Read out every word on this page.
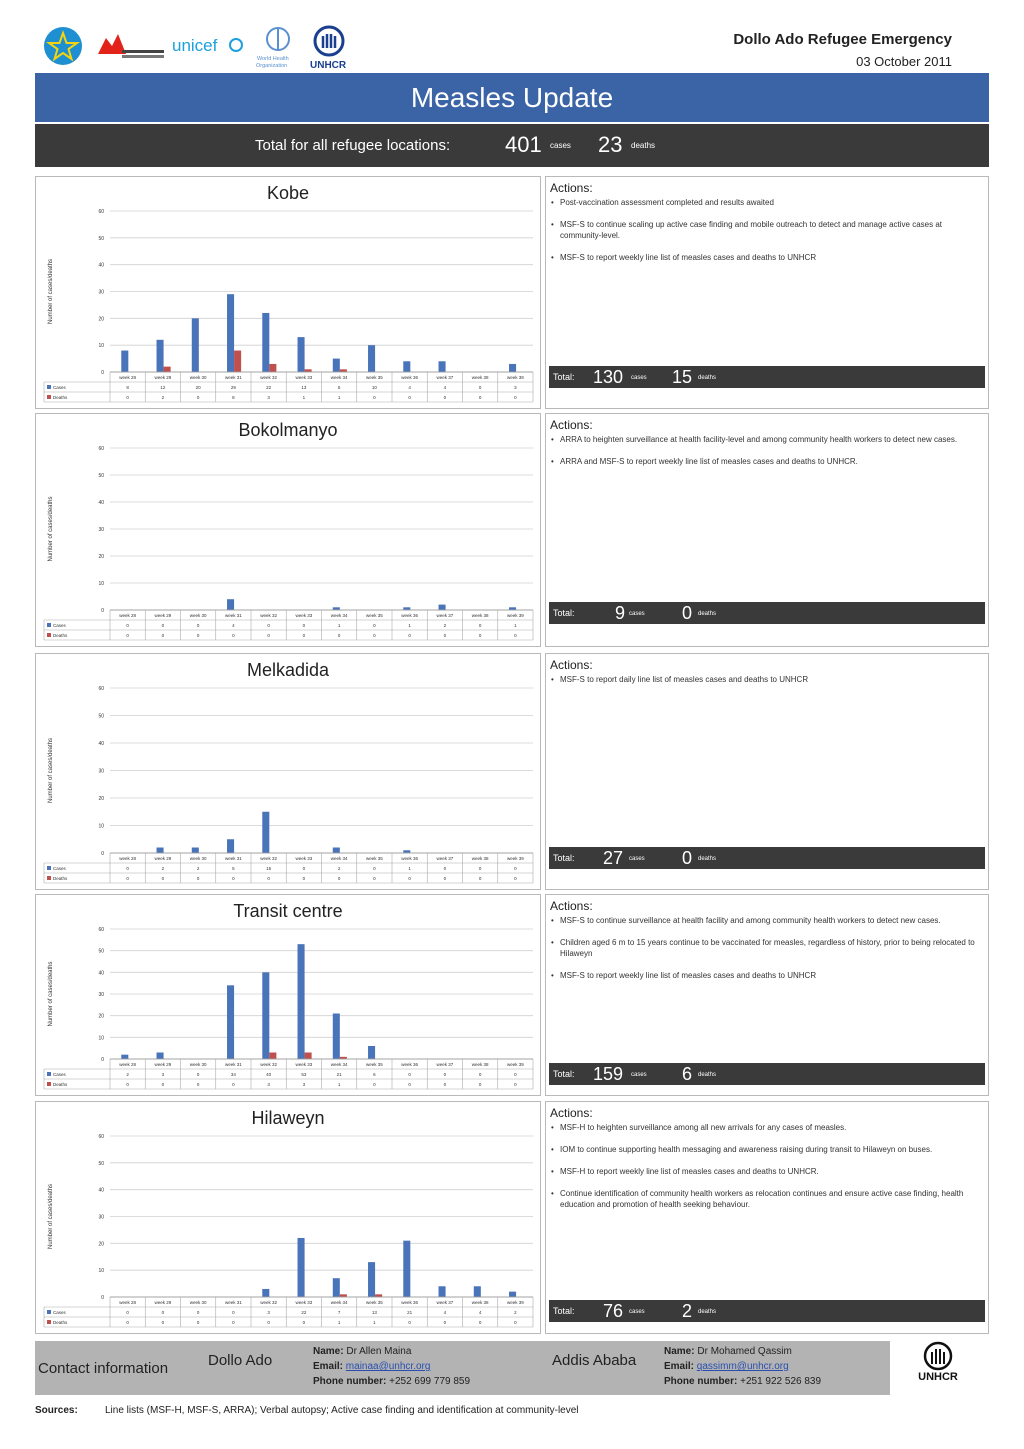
unicef
World Health
Organization UNHCR
Dollo Ado Refugee Emergency
03 October 2011
Measles Update
Total for all refugee locations: 401 cases 23 deaths
0
10
20
30
40
50
60
Number of cases/deaths
week 28	week 29	week 30	week 31	week 32	week 33	week 34	week 35	week 36	week 37	week 38	week 39
Cases	8	12	20	29	22	13	5	10	4	4	0	3
Deaths	0	2	0	8	3	1	1	0	0	0	0	0
Kobe	Actions:
• Post-vaccination assessment completed and results awaited
• MSF-S to continue scaling up active case finding and mobile outreach to detect and manage active cases at community-level.
• MSF-S to report weekly line list of measles cases and deaths to UNHCR
Total: 130 cases 15 deaths
0
10
20
30
40
50
60
Number of cases/deaths
week 28	week 29	week 30	week 31	week 32	week 33	week 34	week 35	week 36	week 37	week 38	week 39
Cases	0	0	0	4	0	0	1	0	1	2	0	1
Deaths	0	0	0	0	0	0	0	0	0	0	0	0
Bokolmanyo	Actions:
• ARRA to heighten surveillance at health facility-level and among community health workers to detect new cases.
• ARRA and MSF-S to report weekly line list of measles cases and deaths to UNHCR.
Total: 9 cases 0 deaths
0
10
20
30
40
50
60
Number of cases/deaths
week 28	week 29	week 30	week 31	week 32	week 33	week 34	week 35	week 36	week 37	week 38	week 39
Cases	0	2	2	5	15	0	2	0	1	0	0	0
Deaths	0	0	0	0	0	0	0	0	0	0	0	0
Melkadida	Actions:
• MSF-S to report daily line list of measles cases and deaths to UNHCR
Total: 27 cases 0 deaths
0
10
20
30
40
50
60
Number of cases/deaths
week 28	week 29	week 30	week 31	week 32	week 33	week 34	week 35	week 36	week 37	week 38	week 39
Cases	2	3	0	34	40	53	21	6	0	0	0	0
Deaths	0	0	0	0	3	3	1	0	0	0	0	0
Transit centre	Actions:
• MSF-S to continue surveillance at health facility and among community health workers to detect new cases.
• Children aged 6 m to 15 years continue to be vaccinated for measles, regardless of history, prior to being relocated to Hilaweyn
• MSF-S to report weekly line list of measles cases and deaths to UNHCR
Total: 159 cases 6 deaths
0
10
20
30
40
50
60
Number of cases/deaths
week 28	week 29	week 30	week 31	week 32	week 33	week 34	week 35	week 36	week 37	week 38	week 39
Cases	0	0	0	0	3	22	7	13	21	4	4	2
Deaths	0	0	0	0	0	0	1	1	0	0	0	0
Hilaweyn	Actions:
• MSF-H to heighten surveillance among all new arrivals for any cases of measles.
• IOM to continue supporting health messaging and awareness raising during transit to Hilaweyn on buses.
• MSF-H to report weekly line list of measles cases and deaths to UNHCR.
• Continue identification of community health workers as relocation continues and ensure active case finding, health education and promotion of health seeking behaviour.
Total: 76 cases 2 deaths
Contact information	Dollo Ado
Name: Dr Allen Maina
Email: mainaa@unhcr.org
Phone number: +252 699 779 859
Addis Ababa
Name: Dr Mohamed Qassim
Email: qassimm@unhcr.org
Phone number: +251 922 526 839	UNHCR
Sources:	Line lists (MSF-H, MSF-S, ARRA); Verbal autopsy; Active case finding and identification at community-level
